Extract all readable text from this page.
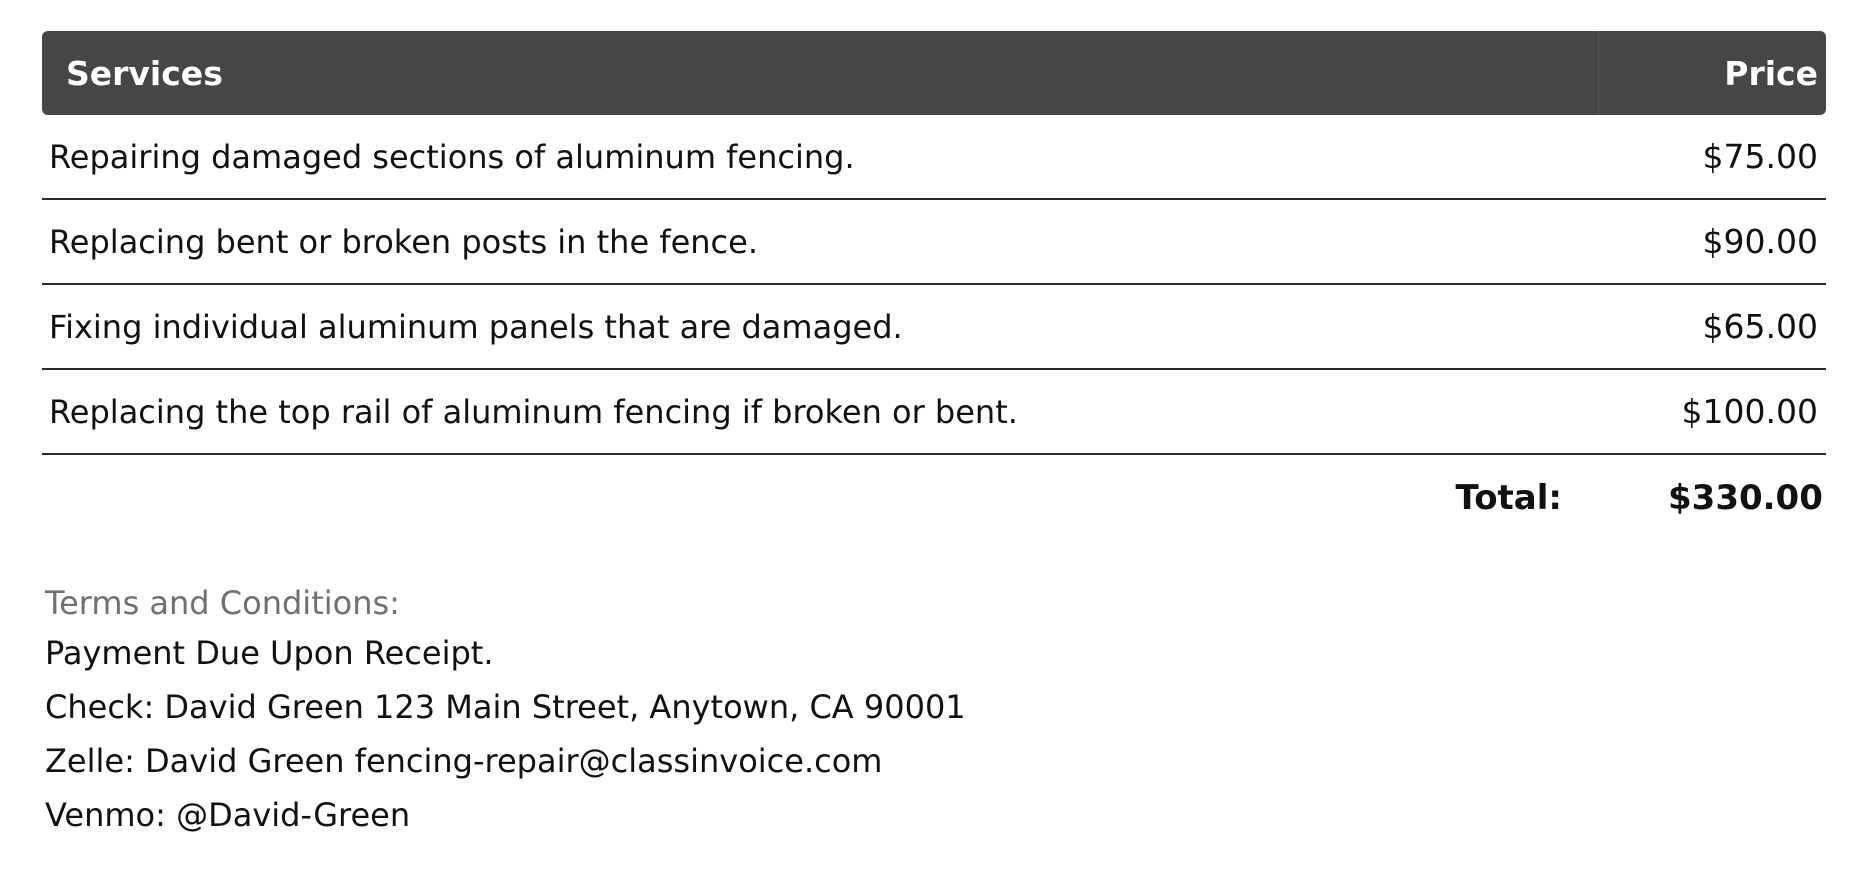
Services	Price
Repairing damaged sections of aluminum fencing.	$75.00
Replacing bent or broken posts in the fence.	$90.00
Fixing individual aluminum panels that are damaged.	$65.00
Replacing the top rail of aluminum fencing if broken or bent.	$100.00
Total:	$330.00
Terms and Conditions:
Payment Due Upon Receipt.
Check: David Green 123 Main Street, Anytown, CA 90001
Zelle: David Green fencing-repair@classinvoice.com
Venmo: @David-Green
